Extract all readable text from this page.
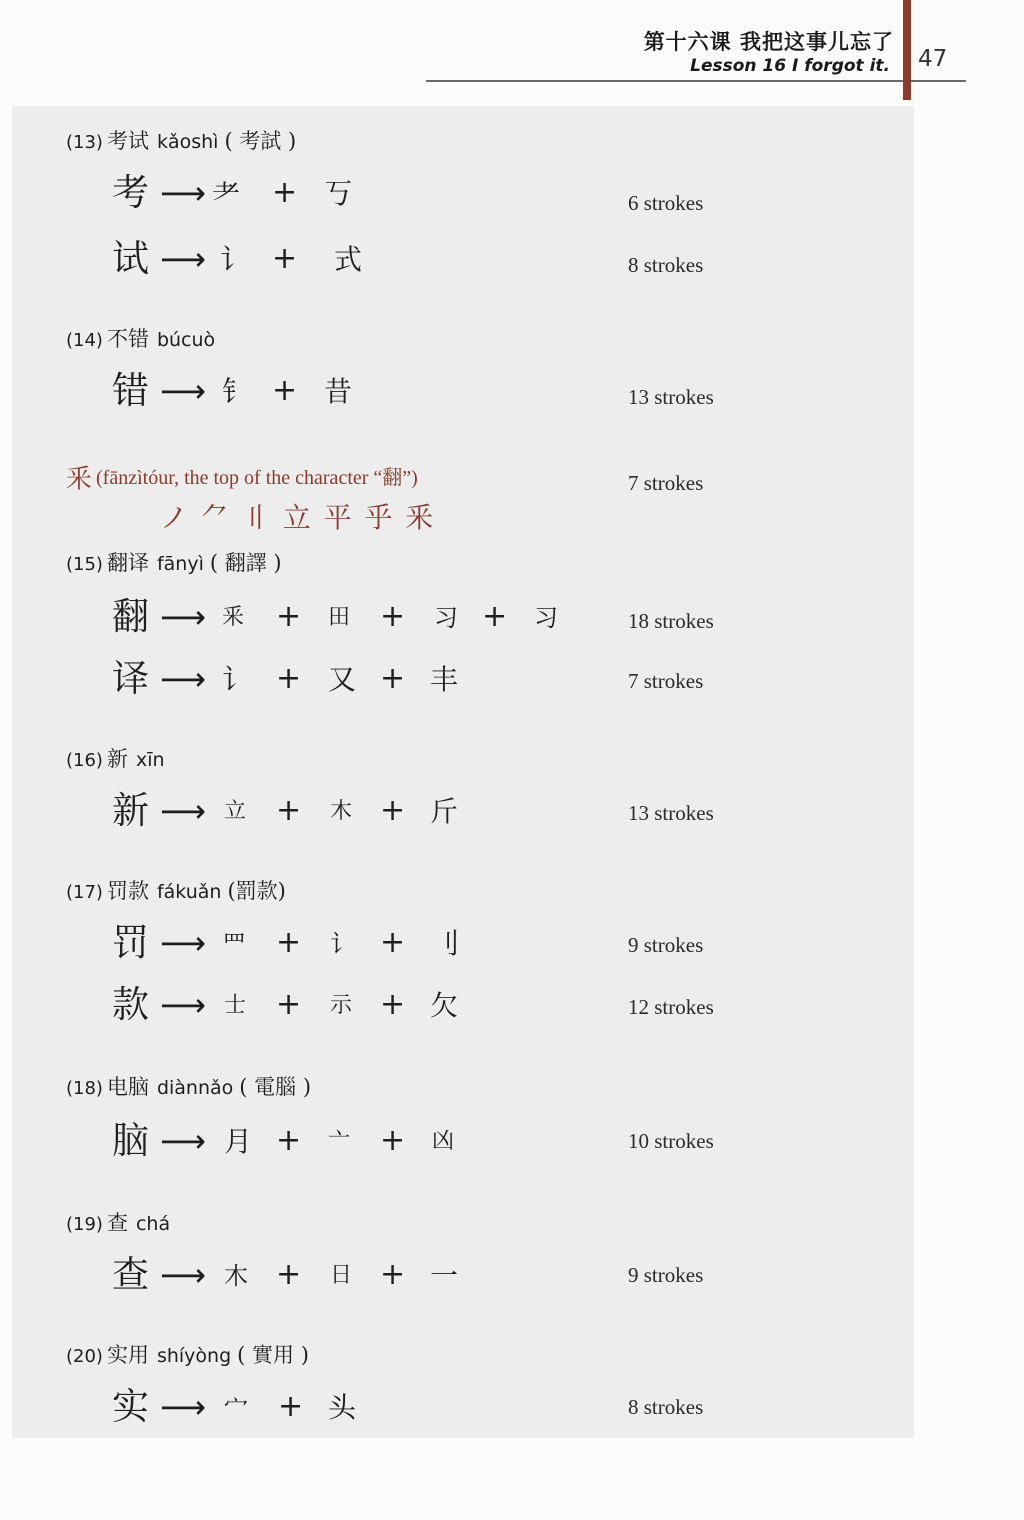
第十六课 我把这事儿忘了
Lesson 16 I forgot it. 47
(13) 考试 kǎoshì ( 考試 )
考 ⟶ 耂 + 丂	6 strokes
试 ⟶ 讠 + 式	8 strokes
(14) 不错 búcuò
错 ⟶ 钅 + 昔	13 strokes
釆 (fānzìtóur, the top of the character “翻”)	7 strokes
ノ ⺈ 〢 立 平 乎 釆
(15) 翻译 fānyì ( 翻譯 )
翻 ⟶ 釆 + 田 + 习 + 习	18 strokes
译 ⟶ 讠 + 又 + 丰	7 strokes
(16) 新 xīn
新 ⟶ 立 + 木 + 斤	13 strokes
(17) 罚款 fákuǎn (罰款)
罚 ⟶ 罒 + 讠 + 刂	9 strokes
款 ⟶ 士 + 示 + 欠	12 strokes
(18) 电脑 diànnǎo ( 電腦 )
脑 ⟶ 月 + 亠 + 凶	10 strokes
(19) 查 chá
查 ⟶ 木 + 日 + 一	9 strokes
(20) 实用 shíyòng ( 實用 )
实 ⟶ 宀 + 头	8 strokes
